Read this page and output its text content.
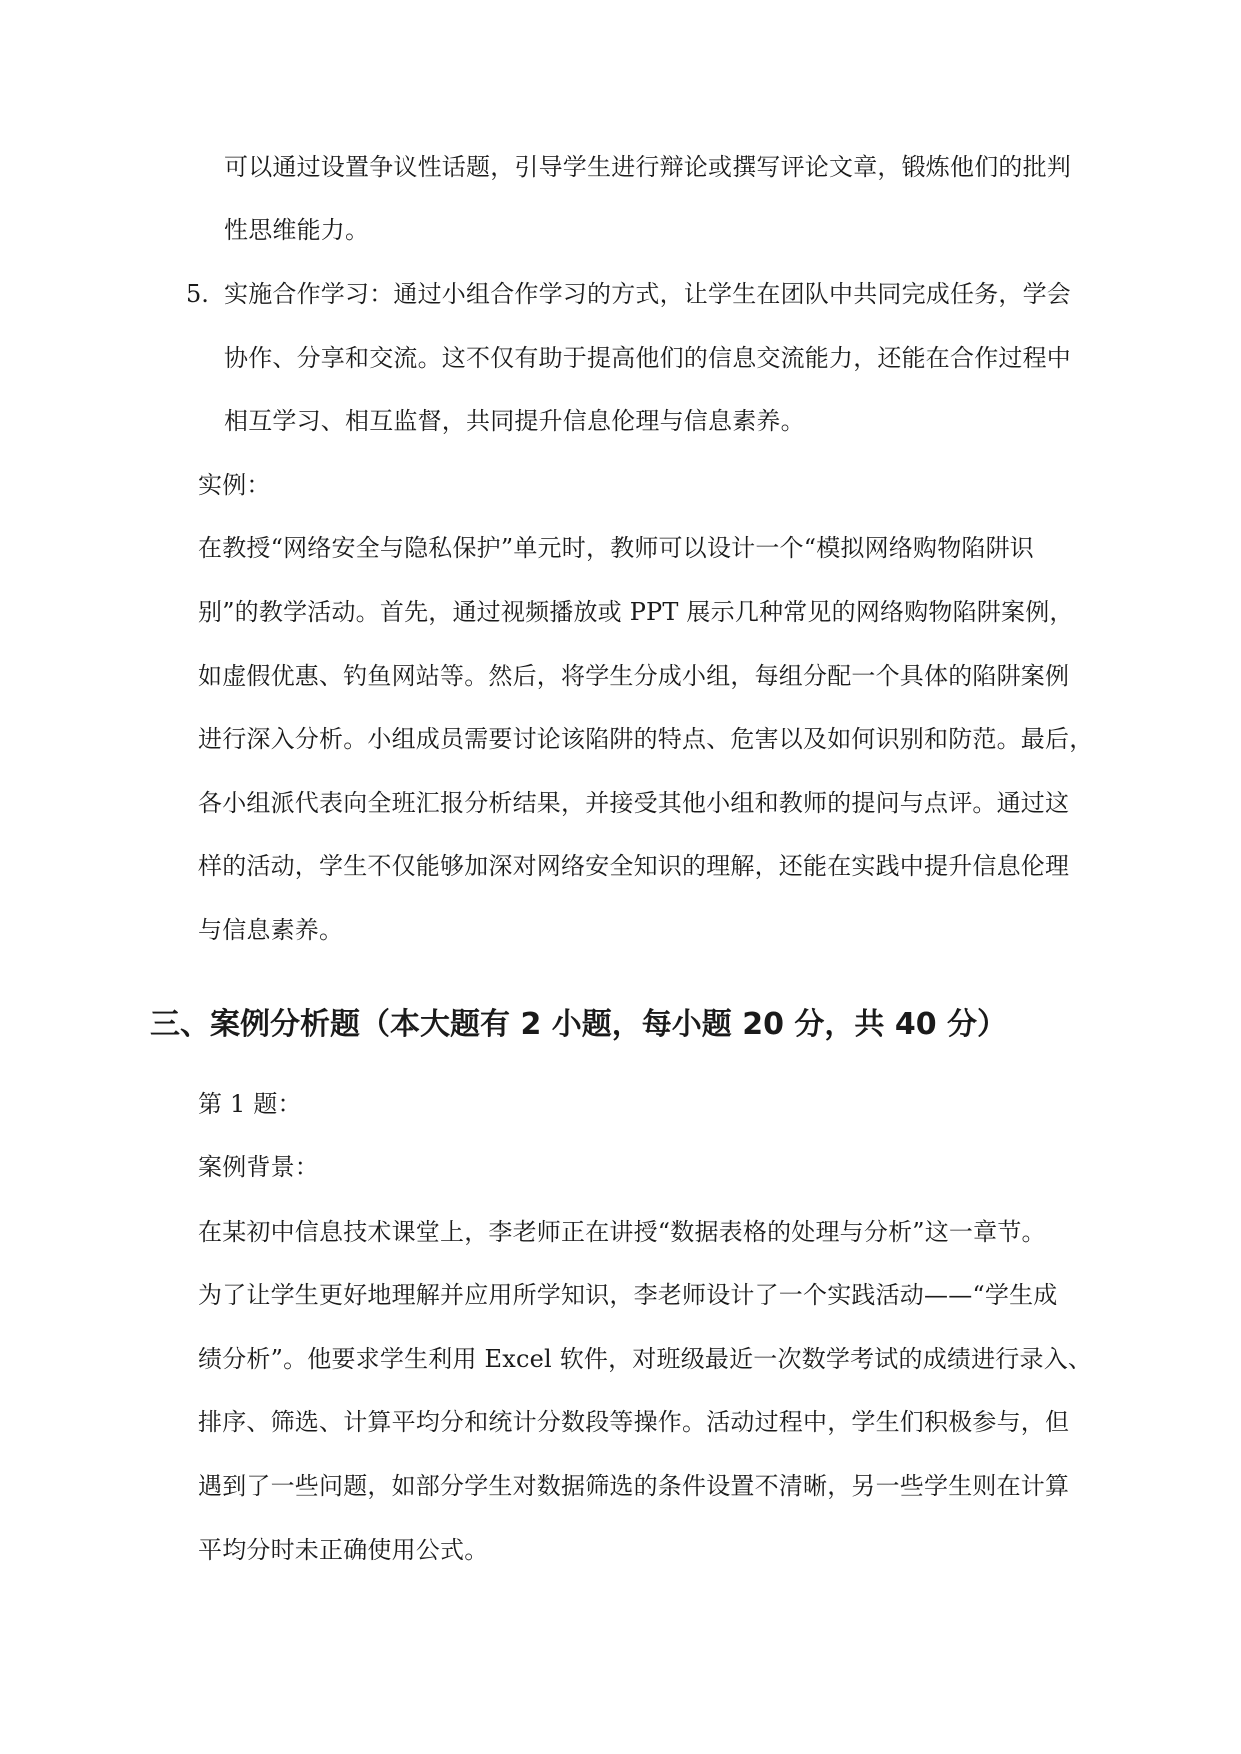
可以通过设置争议性话题，引导学生进行辩论或撰写评论文章，锻炼他们的批判
性思维能力。
5. 实施合作学习：通过小组合作学习的方式，让学生在团队中共同完成任务，学会
协作、分享和交流。这不仅有助于提高他们的信息交流能力，还能在合作过程中
相互学习、相互监督，共同提升信息伦理与信息素养。
实例：
在教授“网络安全与隐私保护”单元时，教师可以设计一个“模拟网络购物陷阱识
别”的教学活动。首先，通过视频播放或 PPT 展示几种常见的网络购物陷阱案例，
如虚假优惠、钓鱼网站等。然后，将学生分成小组，每组分配一个具体的陷阱案例
进行深入分析。小组成员需要讨论该陷阱的特点、危害以及如何识别和防范。最后，
各小组派代表向全班汇报分析结果，并接受其他小组和教师的提问与点评。通过这
样的活动，学生不仅能够加深对网络安全知识的理解，还能在实践中提升信息伦理
与信息素养。
三、案例分析题（本大题有 2 小题，每小题 20 分，共 40 分）
第 1 题：
案例背景：
在某初中信息技术课堂上，李老师正在讲授“数据表格的处理与分析”这一章节。
为了让学生更好地理解并应用所学知识，李老师设计了一个实践活动——“学生成
绩分析”。他要求学生利用 Excel 软件，对班级最近一次数学考试的成绩进行录入、
排序、筛选、计算平均分和统计分数段等操作。活动过程中，学生们积极参与，但
遇到了一些问题，如部分学生对数据筛选的条件设置不清晰，另一些学生则在计算
平均分时未正确使用公式。
